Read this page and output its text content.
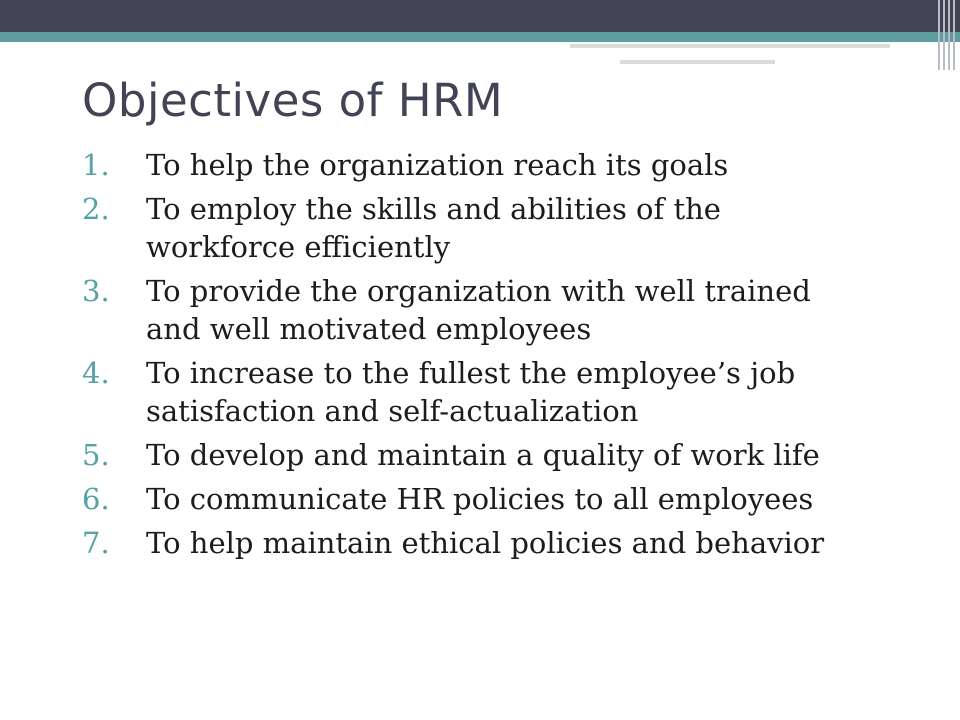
Objectives of HRM
1.	To help the organization reach its goals
2.	To employ the skills and abilities of the workforce efficiently
3.	To provide the organization with well trained and well motivated employees
4.	To increase to the fullest the employee’s job satisfaction and self-actualization
5.	To develop and maintain a quality of work life
6.	To communicate HR policies to all employees
7.	To help maintain ethical policies and behavior
